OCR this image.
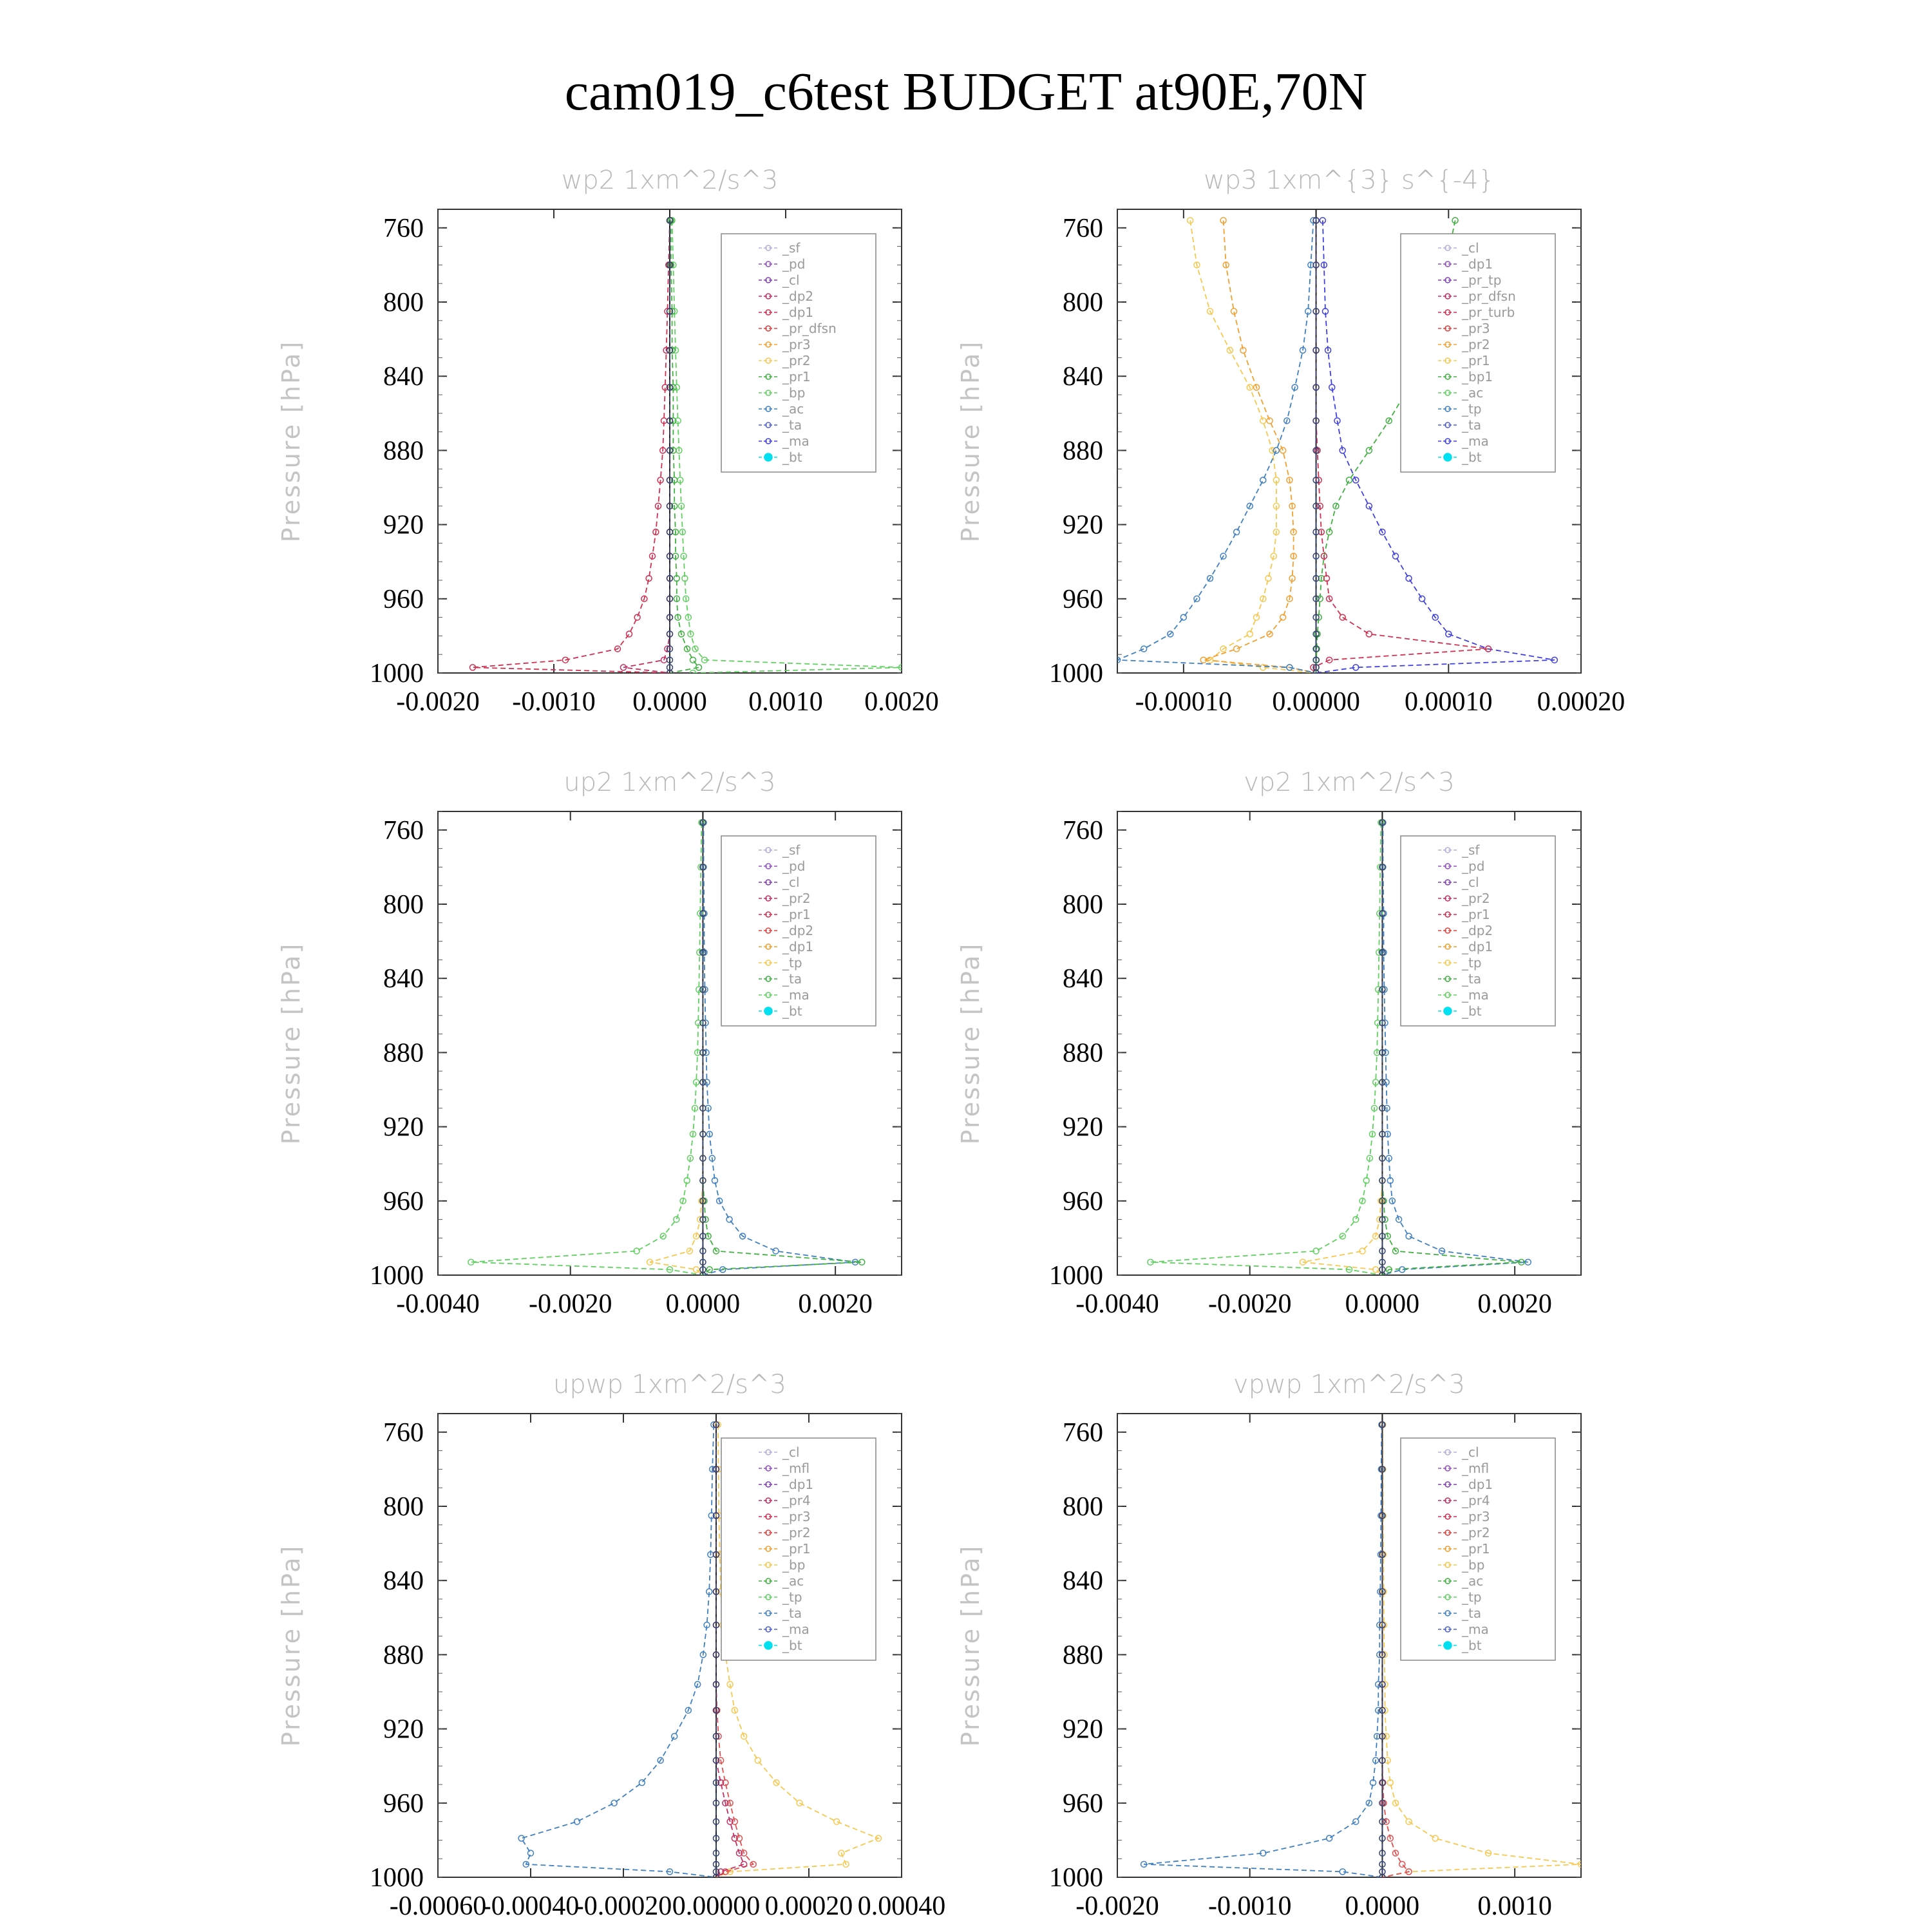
cam019_c6test BUDGET at90E,70N
wp2 1xm^2/s^3
Pressure [hPa]
760
800
840
880
920
960
1000
-0.0020 -0.0010 0.0000 0.0010 0.0020
_sf
_pd
_cl
_dp2
_dp1
_pr_dfsn
_pr3
_pr2
_pr1
_bp
_ac
_ta
_ma
_bt
wp3 1xm^{3} s^{-4}
Pressure [hPa]
760
800
840
880
920
960
1000
-0.00010 0.00000 0.00010 0.00020
_cl
_dp1
_pr_tp
_pr_dfsn
_pr_turb
_pr3
_pr2
_pr1
_bp1
_ac
_tp
_ta
_ma
_bt
up2 1xm^2/s^3
Pressure [hPa]
760
800
840
880
920
960
1000
-0.0040 -0.0020 0.0000 0.0020
_sf
_pd
_cl
_pr2
_pr1
_dp2
_dp1
_tp
_ta
_ma
_bt
vp2 1xm^2/s^3
Pressure [hPa]
760
800
840
880
920
960
1000
-0.0040 -0.0020 0.0000 0.0020
_sf
_pd
_cl
_pr2
_pr1
_dp2
_dp1
_tp
_ta
_ma
_bt
upwp 1xm^2/s^3
Pressure [hPa]
760
800
840
880
920
960
1000
-0.00060
-0.00040
-0.00020 0.00000 0.00020 0.00040
_cl
_mfl
_dp1
_pr4
_pr3
_pr2
_pr1
_bp
_ac
_tp
_ta
_ma
_bt
vpwp 1xm^2/s^3
Pressure [hPa]
760
800
840
880
920
960
1000
-0.0020 -0.0010 0.0000 0.0010
_cl
_mfl
_dp1
_pr4
_pr3
_pr2
_pr1
_bp
_ac
_tp
_ta
_ma
_bt
